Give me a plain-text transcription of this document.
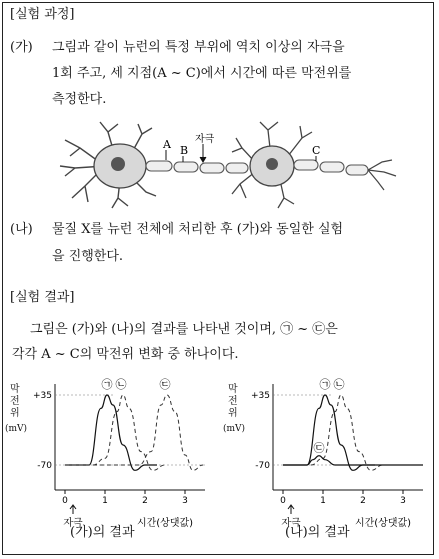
[실험 과정]
(가) 그림과 같이 뉴런의 특정 부위에 역치 이상의 자극을
1회 주고, 세 지점(A ~ C)에서 시간에 따른 막전위를
측정한다.
A B
자극
C
(나) 물질 X를 뉴런 전체에 처리한 후 (가)와 동일한 실험
을 진행한다.
[실험 결과]
그림은 (가)와 (나)의 결과를 나타낸 것이며, ㉠ ~ ㉢은
각각 A ~ C의 막전위 변화 중 하나이다.
막
전
위
(mV)
-70
+35
0	1	2	3
자극	시간(상댓값)
㉠ ㉡	㉢
(가)의 결과
막
전
위
(mV)
-70
+35
0	1	2	3
자극	시간(상댓값)
㉠ ㉡
㉢
(나)의 결과
